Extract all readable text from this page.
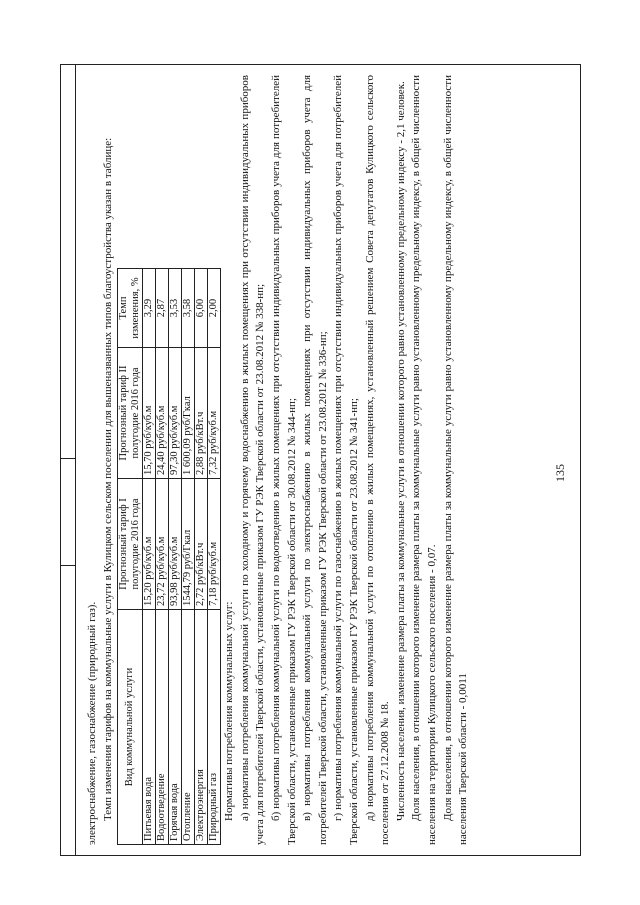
135

электроснабжение, газоснабжение (природный газ). Темп изменения тарифов на коммунальные услуги в Кулицком сельском поселении для вышеназванных типов благоустройства указан в таблице: Вид коммунальной услуги	Прогнозный тариф I полугодие 2016 года	Прогнозный тариф II полугодие 2016 года	Темп изменения, %
Питьевая вода	15,20 руб/куб.м	15,70 руб/куб.м	3,29
Водоотведение	23,72 руб/куб.м	24,40 руб/куб.м	2,87
Горячая вода	93,98 руб/куб.м	97,30 руб/куб.м	3,53
Отопление	1544,79 руб/Гкал	1 600,09 руб/Гкал	3,58
Электроэнергия	2,72 руб/кВт.ч	2,88 руб/кВт.ч	6,00
Природный газ	7,18 руб/куб.м	7,32 руб/куб.м	2,00

Нормативы потребления коммунальных услуг: а) нормативы потребления коммунальной услуги по холодному и горячему водоснабжению в жилых помещениях при отсутствии индивидуальных приборов учета для потребителей Тверской области, установленные приказом ГУ РЭК Тверской области от 23.08.2012 № 338-нп; б) нормативы потребления коммунальной услуги по водоотведению в жилых помещениях при отсутствии индивидуальных приборов учета для потребителей Тверской области, установленные приказом ГУ РЭК Тверской области от 30.08.2012 № 344-нп; в) нормативы потребления коммунальной услуги по электроснабжению в жилых помещениях при отсутствии индивидуальных приборов учета для потребителей Тверской области, установленные приказом ГУ РЭК Тверской области от 23.08.2012 № 336-нп; г) нормативы потребления коммунальной услуги по газоснабжению в жилых помещениях при отсутствии индивидуальных приборов учета для потребителей Тверской области, установленные приказом ГУ РЭК Тверской области от 23.08.2012 № 341-нп; д) нормативы потребления коммунальной услуги по отоплению в жилых помещениях, установленный решением Совета депутатов Кулицкого сельского поселения от 27.12.2008 № 18. Численность населения, изменение размера платы за коммунальные услуги в отношении которого равно установленному предельному индексу - 2,1 человек. Доля населения, в отношении которого изменение размера платы за коммунальные услуги равно установленному предельному индексу, в общей численности населения на территории Кулицкого сельского поселения - 0,07. Доля населения, в отношении которого изменение размера платы за коммунальные услуги равно установленному предельному индексу, в общей численности населения Тверской области - 0,0011
